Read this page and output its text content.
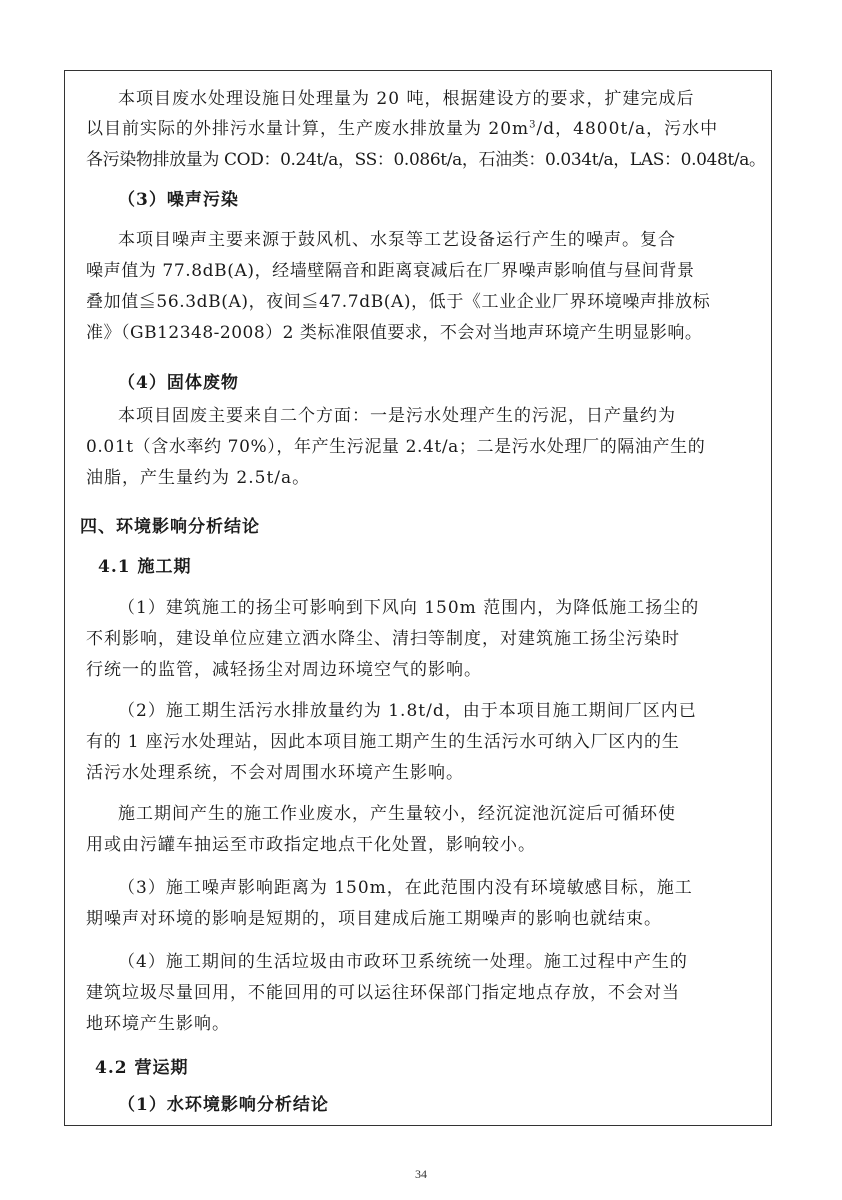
本项目废水处理设施日处理量为 20 吨，根据建设方的要求，扩建完成后
以目前实际的外排污水量计算，生产废水排放量为 $20m^3/d$，4800t/a，污水中
各污染物排放量为 COD：0.24t/a，SS：0.086t/a，石油类：0.034t/a，LAS：0.048t/a。
（3）噪声污染
本项目噪声主要来源于鼓风机、水泵等工艺设备运行产生的噪声。复合
噪声值为 77.8dB(A)，经墙壁隔音和距离衰减后在厂界噪声影响值与昼间背景
叠加值≦56.3dB(A)，夜间≦47.7dB(A)，低于《工业企业厂界环境噪声排放标
准》（GB12348-2008）2 类标准限值要求，不会对当地声环境产生明显影响。
（4）固体废物
本项目固废主要来自二个方面：一是污水处理产生的污泥，日产量约为
0.01t（含水率约 70%），年产生污泥量 2.4t/a；二是污水处理厂的隔油产生的
油脂，产生量约为 2.5t/a。
四、环境影响分析结论
4.1 施工期
（1）建筑施工的扬尘可影响到下风向 150m 范围内，为降低施工扬尘的
不利影响，建设单位应建立洒水降尘、清扫等制度，对建筑施工扬尘污染时
行统一的监管，减轻扬尘对周边环境空气的影响。
（2）施工期生活污水排放量约为 1.8t/d，由于本项目施工期间厂区内已
有的 1 座污水处理站，因此本项目施工期产生的生活污水可纳入厂区内的生
活污水处理系统，不会对周围水环境产生影响。
施工期间产生的施工作业废水，产生量较小，经沉淀池沉淀后可循环使
用或由污罐车抽运至市政指定地点干化处置，影响较小。
（3）施工噪声影响距离为 150m，在此范围内没有环境敏感目标，施工
期噪声对环境的影响是短期的，项目建成后施工期噪声的影响也就结束。
（4）施工期间的生活垃圾由市政环卫系统统一处理。施工过程中产生的
建筑垃圾尽量回用，不能回用的可以运往环保部门指定地点存放，不会对当
地环境产生影响。
4.2 营运期
（1）水环境影响分析结论
34
